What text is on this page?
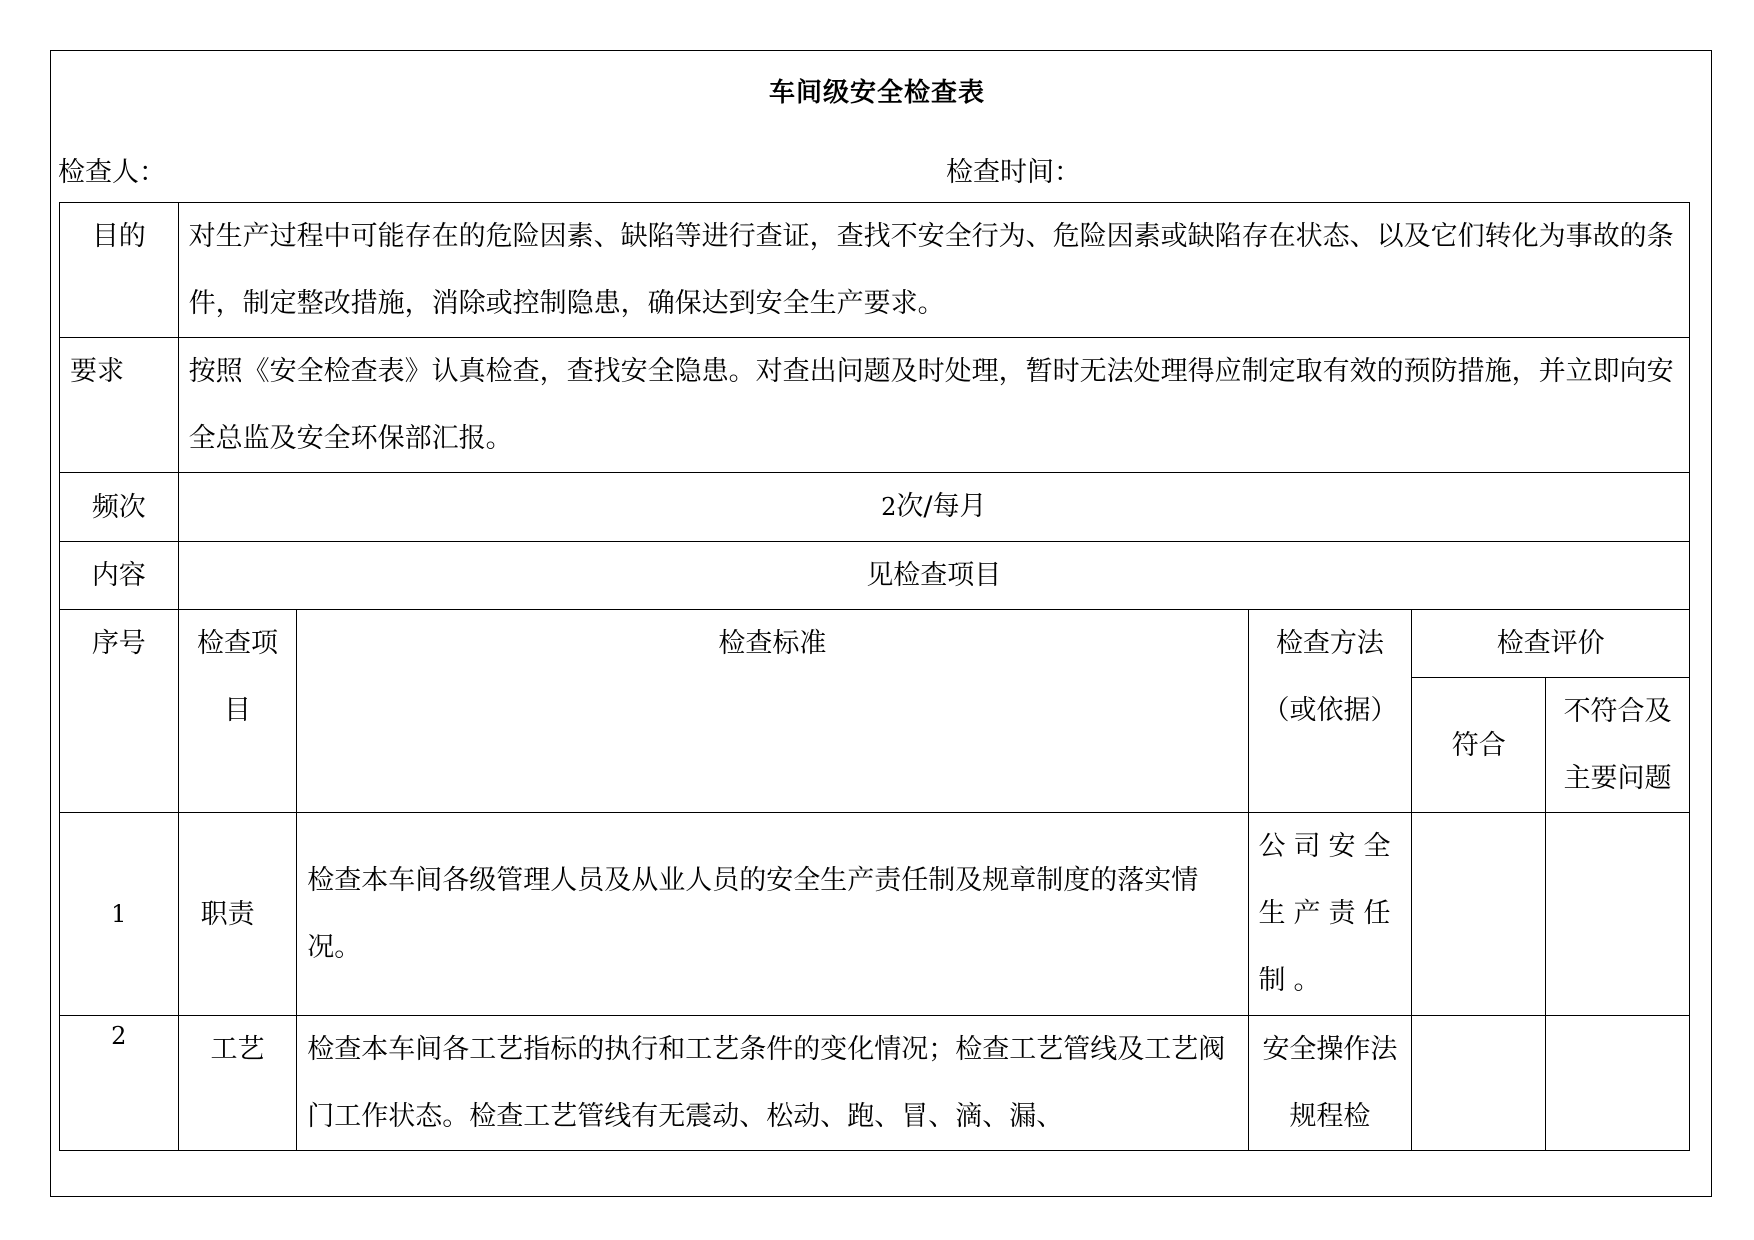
车间级安全检查表
检查人：	检查时间：
目的	对生产过程中可能存在的危险因素、缺陷等进行查证，查找不安全行为、危险因素或缺陷存在状态、以及它们转化为事故的条件，制定整改措施，消除或控制隐患，确保达到安全生产要求。				
要求	按照《安全检查表》认真检查，查找安全隐患。对查出问题及时处理，暂时无法处理得应制定取有效的预防措施，并立即向安全总监及安全环保部汇报。				
频次	2次/每月				
内容	见检查项目				
序号	检查项目	检查标准	检查方法（或依据）	检查评价	
				符合	不符合及主要问题
1	职责	检查本车间各级管理人员及从业人员的安全生产责任制及规章制度的落实情况。	公司安全生产责任制。		
2	工艺	检查本车间各工艺指标的执行和工艺条件的变化情况；检查工艺管线及工艺阀门工作状态。检查工艺管线有无震动、松动、跑、冒、滴、漏、	安全操作法规程检		
